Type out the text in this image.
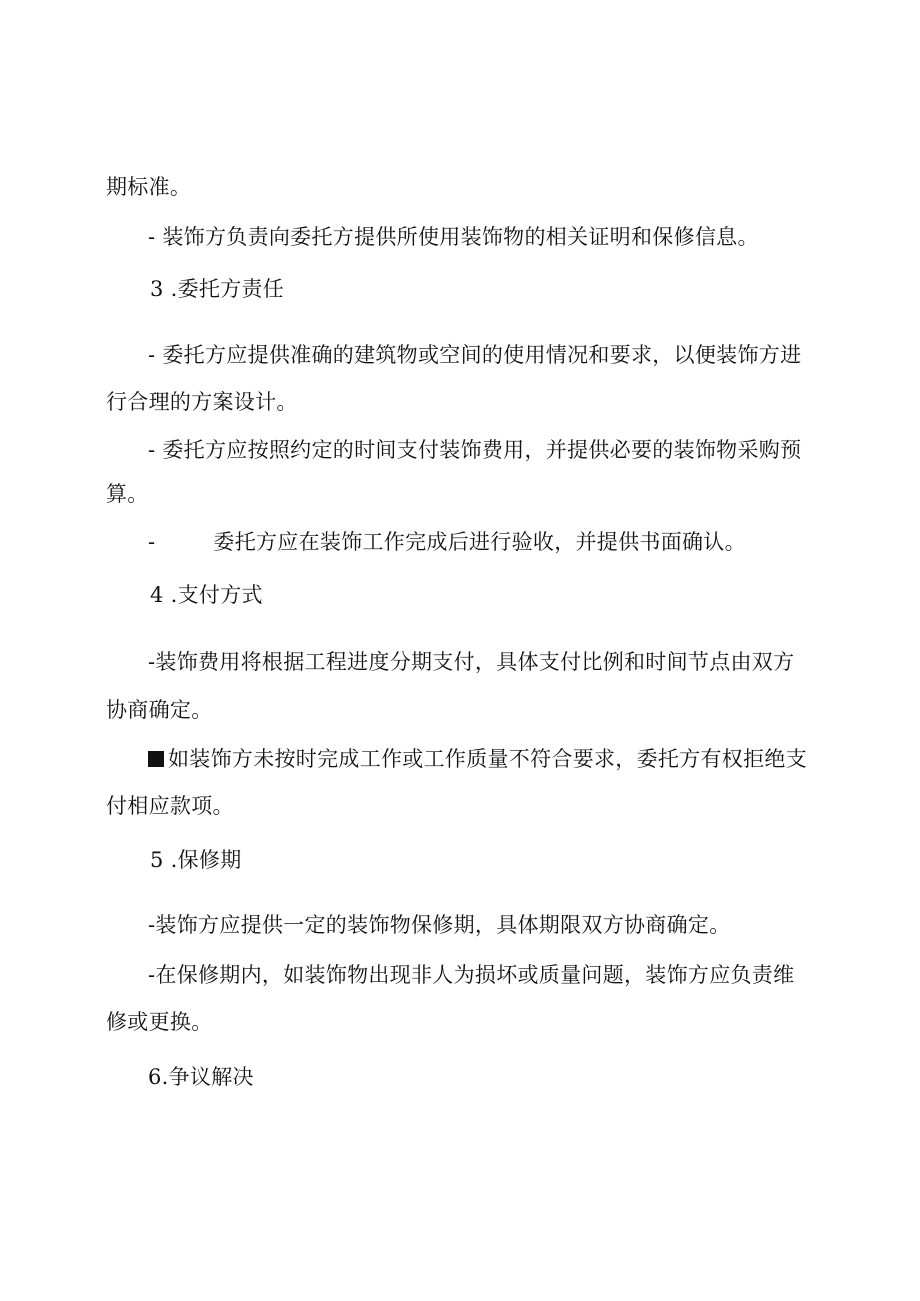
期标准。
- 装饰方负责向委托方提供所使用装饰物的相关证明和保修信息。
3 .委托方责任
- 委托方应提供准确的建筑物或空间的使用情况和要求，以便装饰方进
行合理的方案设计。
- 委托方应按照约定的时间支付装饰费用，并提供必要的装饰物采购预
算。
-	委托方应在装饰工作完成后进行验收，并提供书面确认。
4 .支付方式
-装饰费用将根据工程进度分期支付，具体支付比例和时间节点由双方
协商确定。
如装饰方未按时完成工作或工作质量不符合要求，委托方有权拒绝支
付相应款项。
5 .保修期
-装饰方应提供一定的装饰物保修期，具体期限双方协商确定。
-在保修期内，如装饰物出现非人为损坏或质量问题，装饰方应负责维
修或更换。
6.争议解决
